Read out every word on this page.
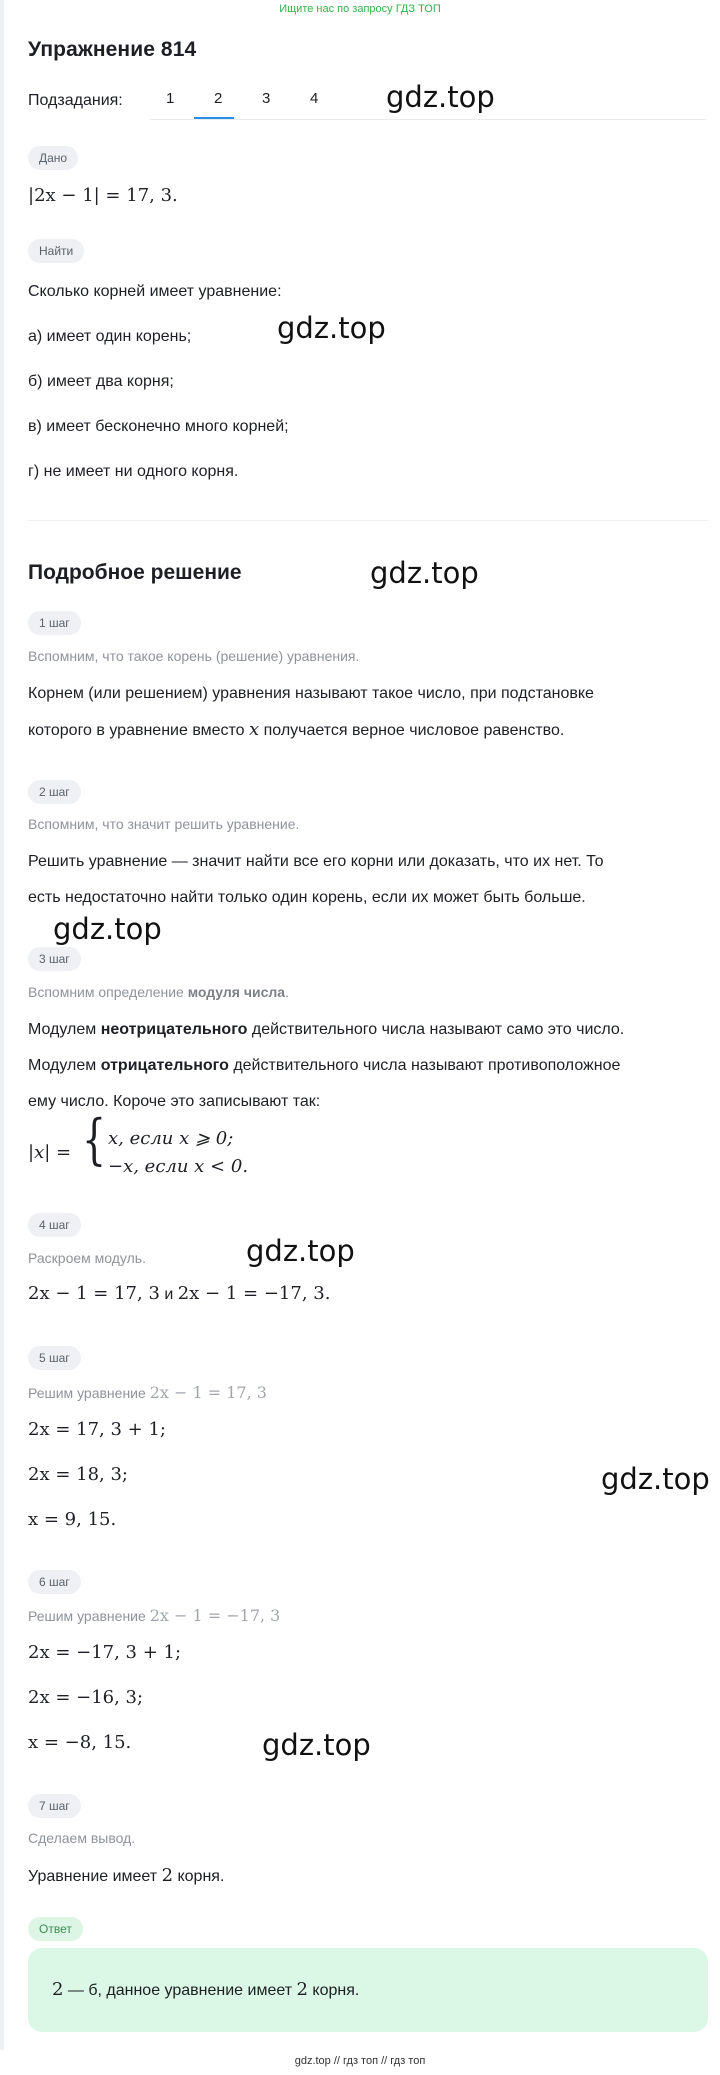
Ищите нас по запросу ГДЗ ТОП
Упражнение 814
Подзадания:	1	2	3	4 gdz.top
gdz.top
gdz.top
gdz.top
gdz.top
gdz.top
gdz.top
Дано
|2x − 1| = 17, 3.
Найти
Сколько корней имеет уравнение:
а) имеет один корень;
б) имеет два корня;
в) имеет бесконечно много корней;
г) не имеет ни одного корня.
Подробное решение
1 шаг
Вспомним, что такое корень (решение) уравнения.
Корнем (или решением) уравнения называют такое число, при подстановке
которого в уравнение вместо x получается верное числовое равенство.
2 шаг
Вспомним, что значит решить уравнение.
Решить уравнение — значит найти все его корни или доказать, что их нет. То
есть недостаточно найти только один корень, если их может быть больше.
3 шаг
Вспомним определение модуля числа.
Модулем неотрицательного действительного числа называют само это число.
Модулем отрицательного действительного числа называют противоположное
ему число. Короче это записывают так:
|x| = { x, если x ⩾ 0;
−x, если x < 0.
4 шаг
Раскроем модуль.
2x − 1 = 17, 3 и 2x − 1 = −17, 3.
5 шаг
Решим уравнение 2x − 1 = 17, 3
2x = 17, 3 + 1;
2x = 18, 3;
x = 9, 15.
6 шаг
Решим уравнение 2x − 1 = −17, 3
2x = −17, 3 + 1;
2x = −16, 3;
x = −8, 15.
7 шаг
Сделаем вывод.
Уравнение имеет 2 корня.
Ответ
2 — б, данное уравнение имеет 2 корня.
gdz.top // гдз топ // гдз топ
